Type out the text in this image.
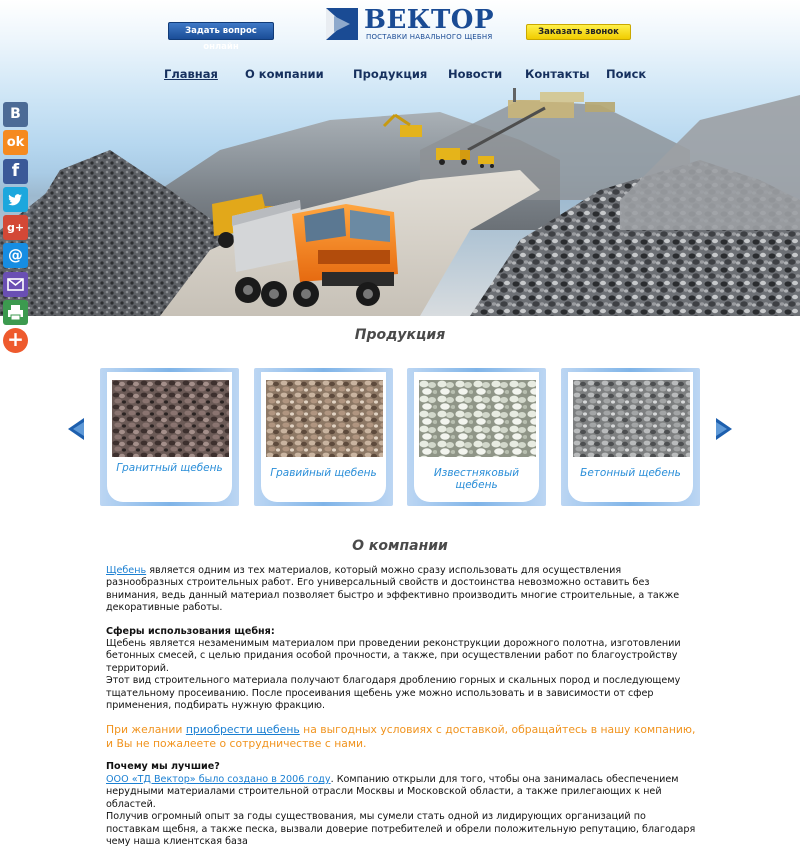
Задать вопрос онлайн
ВЕКТОР
ПОСТАВКИ НАВАЛЬНОГО ЩЕБНЯ	Заказать звонок
Главная О компании	Продукция Новости Контакты Поиск
В
ok
f
g+
@
+	Продукция
Гранитный щебень	Гравийный щебень	Известняковый щебень
Бетонный щебень
О компании

Щебень является одним из тех материалов, который можно сразу использовать для осуществления разнообразных строительных работ. Его универсальный свойств и достоинства невозможно оставить без внимания, ведь данный материал позволяет быстро и эффективно производить многие строительные, а также декоративные работы.

Сферы использования щебня:

Щебень является незаменимым материалом при проведении реконструкции дорожного полотна, изготовлении бетонных смесей, с целью придания особой прочности, а также, при осуществлении работ по благоустройству территорий.

Этот вид строительного материала получают благодаря дроблению горных и скальных пород и последующему тщательному просеиванию. После просеивания щебень уже можно использовать и в зависимости от сфер применения, подбирать нужную фракцию.

При желании приобрести щебень на выгодных условиях с доставкой, обращайтесь в нашу компанию, и Вы не пожалеете о сотрудничестве с нами.

Почему мы лучшие?

ООО «ТД Вектор» было создано в 2006 году. Компанию открыли для того, чтобы она занималась обеспечением нерудными материалами строительной отрасли Москвы и Московской области, а также прилегающих к ней областей.

Получив огромный опыт за годы существования, мы сумели стать одной из лидирующих организаций по поставкам щебня, а также песка, вызвали доверие потребителей и обрели положительную репутацию, благодаря чему наша клиентская база
